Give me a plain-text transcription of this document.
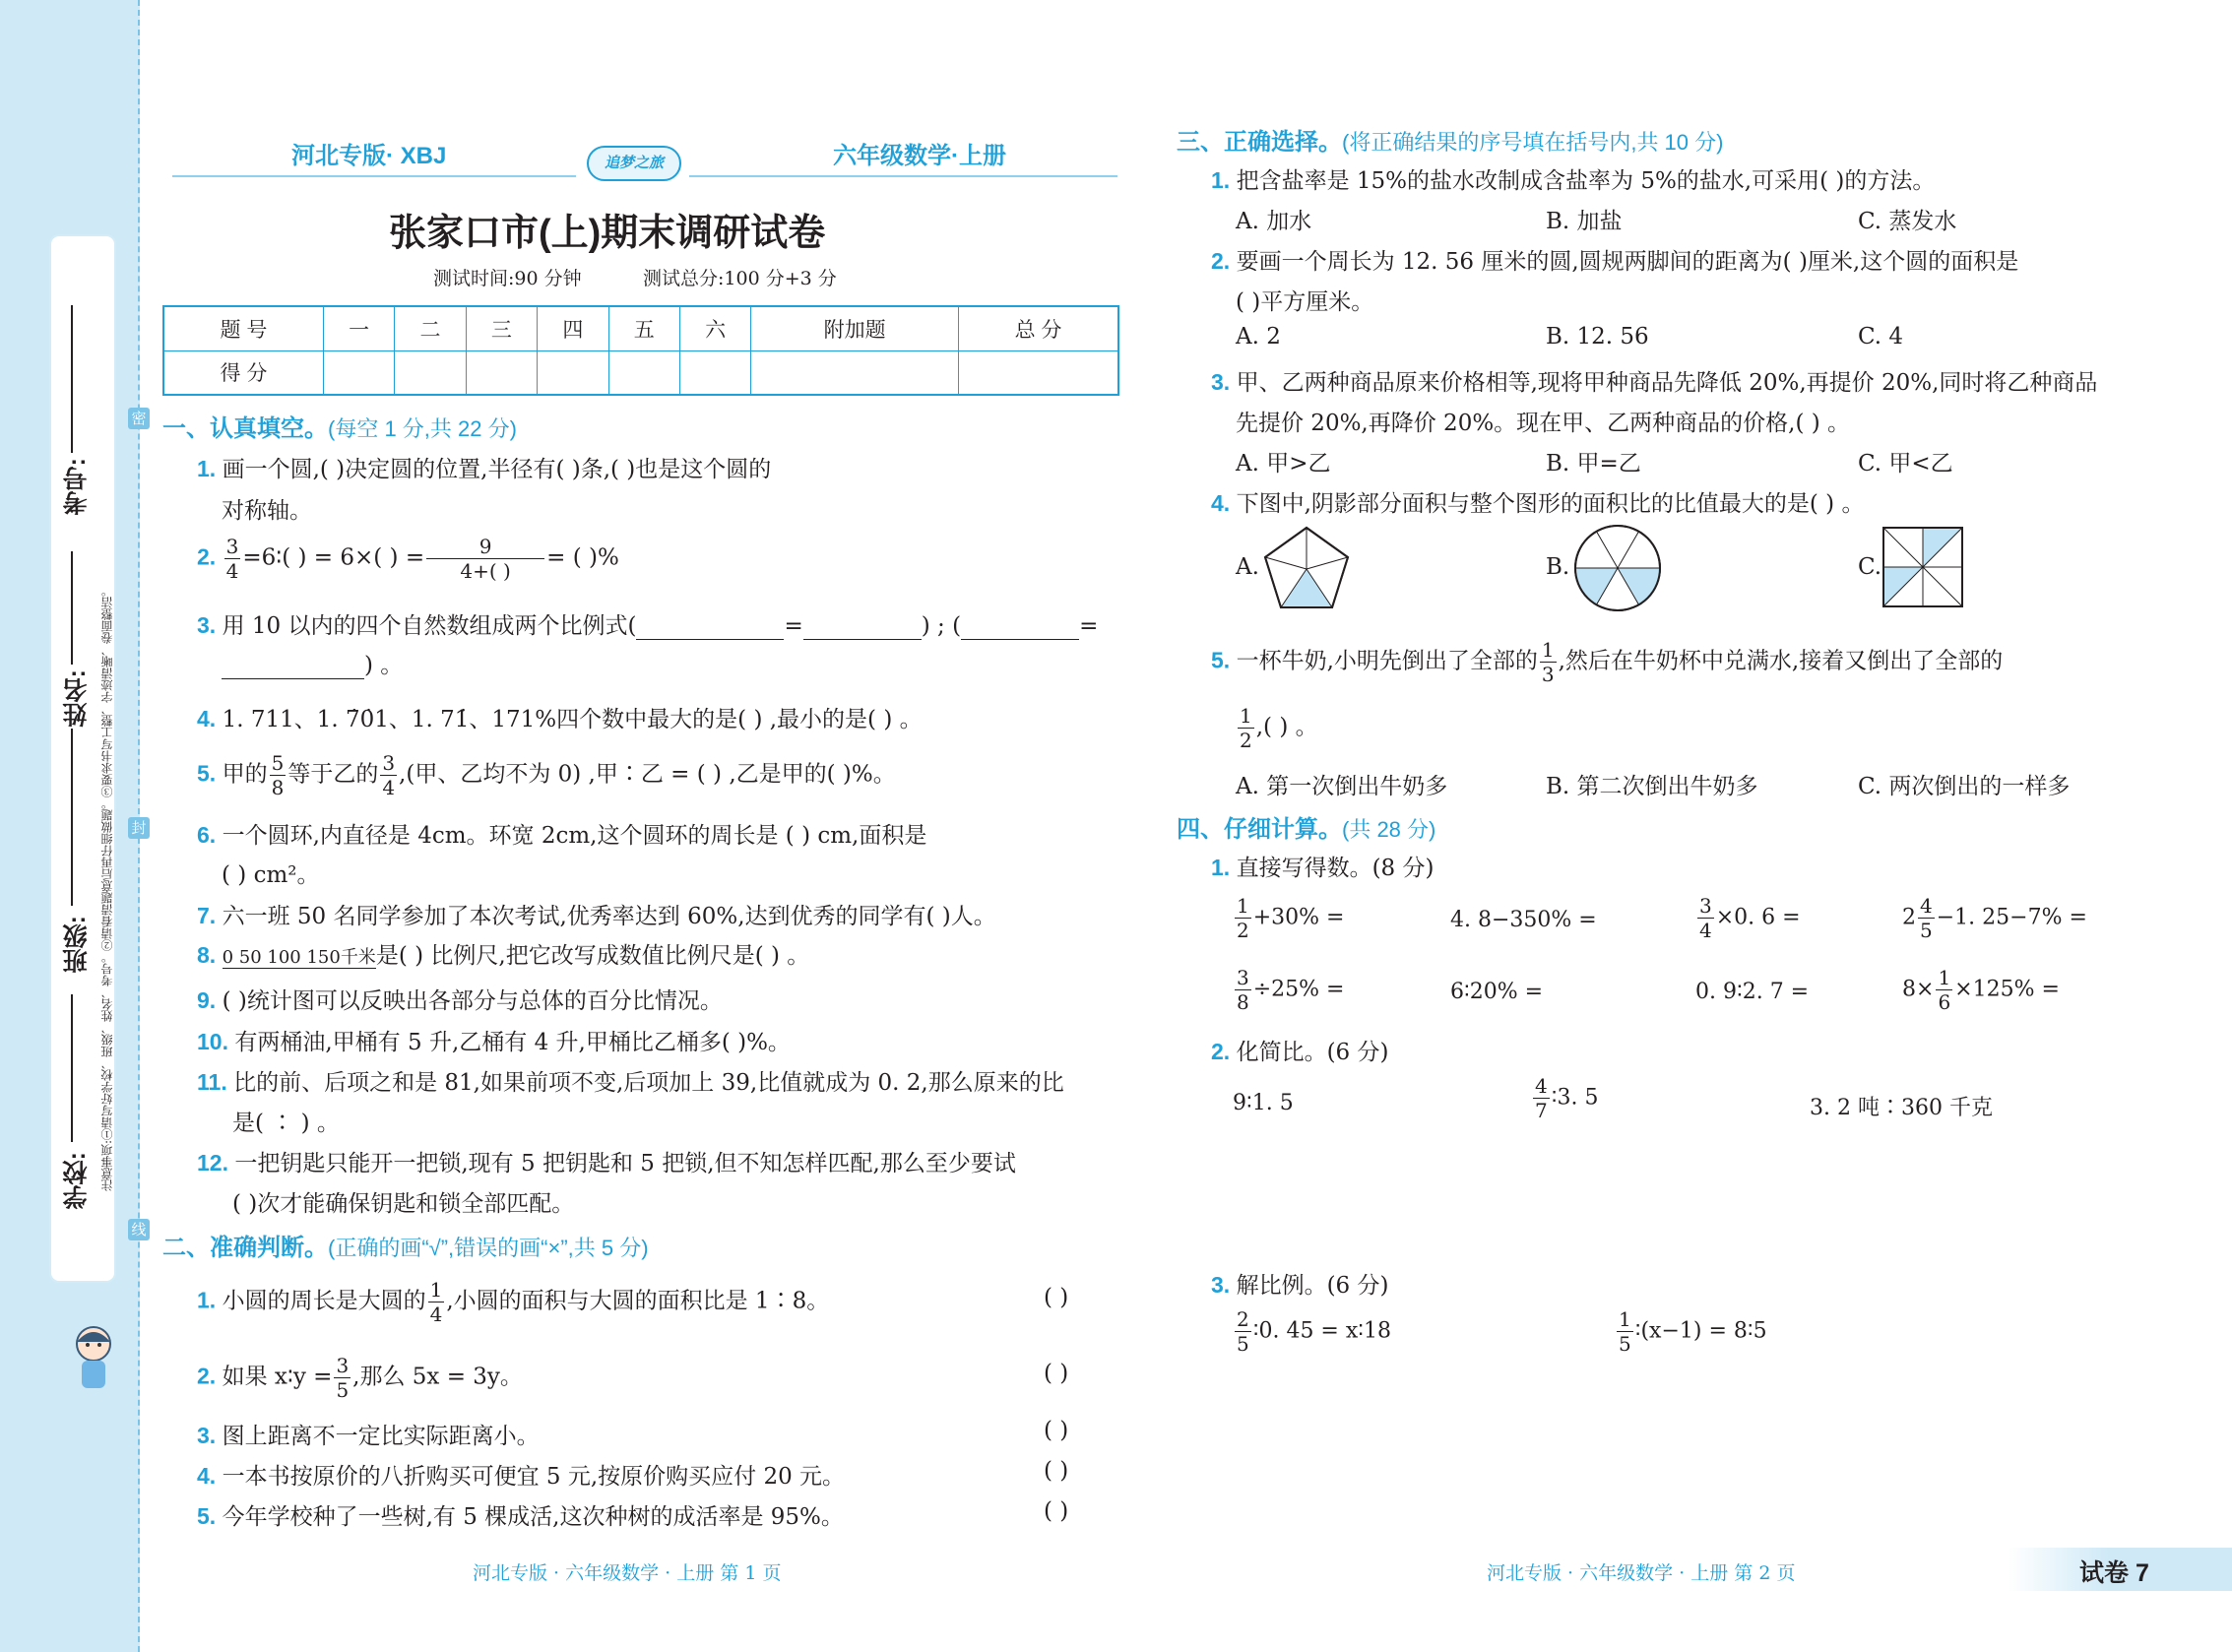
学校:
班级:
姓名:
考号:
注意事项:①请写好学校、班级、姓名、考号。②请看清题意后再仔细做题。③要求书写工整、字迹清晰、卷面整洁。
密
封
线
河北专版· XBJ	追梦之旅	六年级数学·上册
张家口市(上)期末调研试卷
测试时间:90 分钟	测试总分:100 分+3 分
题 号	一	二	三	四	五	六	附加题	总 分
得 分								
一、认真填空。(每空 1 分,共 22 分)
1. 画一个圆,( )决定圆的位置,半径有( )条,( )也是这个圆的
对称轴。
2. $\frac{3}{4}$ =6∶( ) = 6×( ) = $\frac{9}{4+( )}$ = ( )%
3. 用 10 以内的四个自然数组成两个比例式(	=	) ; (	=
) 。
4. 1. 711、1. 7̇0̇1、1. 71̇、171%四个数中最大的是( ) ,最小的是( ) 。
5. 甲的 $\frac{5}{8}$ 等于乙的 $\frac{3}{4}$ ,(甲、乙均不为 0) ,甲∶乙 = ( ) ,乙是甲的( )%。
6. 一个圆环,内直径是 4cm。环宽 2cm,这个圆环的周长是 ( ) cm,面积是
( ) cm²。
7. 六一班 50 名同学参加了本次考试,优秀率达到 60%,达到优秀的同学有( )人。
8. 0 50 100 150千米是( ) 比例尺,把它改写成数值比例尺是( ) 。
9. ( )统计图可以反映出各部分与总体的百分比情况。
10. 有两桶油,甲桶有 5 升,乙桶有 4 升,甲桶比乙桶多( )%。
11. 比的前、后项之和是 81,如果前项不变,后项加上 39,比值就成为 0. 2,那么原来的比
是( ∶ ) 。
12. 一把钥匙只能开一把锁,现有 5 把钥匙和 5 把锁,但不知怎样匹配,那么至少要试
( )次才能确保钥匙和锁全部匹配。
二、准确判断。(正确的画“√”,错误的画“×”,共 5 分)
1. 小圆的周长是大圆的 $\frac{1}{4}$ ,小圆的面积与大圆的面积比是 1∶8。
2. 如果 x∶y = $\frac{3}{5}$ ,那么 5x = 3y。
3. 图上距离不一定比实际距离小。
4. 一本书按原价的八折购买可便宜 5 元,按原价购买应付 20 元。
5. 今年学校种了一些树,有 5 棵成活,这次种树的成活率是 95%。
( )
( )
( )
( )
( )
三、正确选择。(将正确结果的序号填在括号内,共 10 分)
1. 把含盐率是 15%的盐水改制成含盐率为 5%的盐水,可采用( )的方法。
A. 加水	B. 加盐	C. 蒸发水
2. 要画一个周长为 12. 56 厘米的圆,圆规两脚间的距离为( )厘米,这个圆的面积是
( )平方厘米。
A. 2	B. 12. 56	C. 4
3. 甲、乙两种商品原来价格相等,现将甲种商品先降低 20%,再提价 20%,同时将乙种商品
先提价 20%,再降价 20%。现在甲、乙两种商品的价格,( ) 。
A. 甲>乙	B. 甲=乙	C. 甲<乙
4. 下图中,阴影部分面积与整个图形的面积比的比值最大的是( ) 。
A.	B.	C.
5. 一杯牛奶,小明先倒出了全部的 $\frac{1}{3}$ ,然后在牛奶杯中兑满水,接着又倒出了全部的
$\frac{1}{2}$ ,( ) 。
A. 第一次倒出牛奶多	B. 第二次倒出牛奶多	C. 两次倒出的一样多
四、仔细计算。(共 28 分)
1. 直接写得数。(8 分)
$\frac{1}{2} +30\%$ =	4. 8−350% =	$\frac{3}{4} \times 0$. 6 =	$2 \frac{4}{5} -1$. 25−7% =
$\frac{3}{8} \div 25\%$ =	6∶20% =	0. 9∶2. 7 =	$8\times \frac{1}{6} \times 125\%$ =
2. 化简比。(6 分)
9∶1. 5	$\frac{4}{7}$ ∶3. 5	3. 2 吨∶360 千克
3. 解比例。(6 分)
$\frac{2}{5}$ ∶0. 45 = x∶18	$\frac{1}{5}$ ∶(x−1) = 8∶5
河北专版 · 六年级数学 · 上册 第 1 页	河北专版 · 六年级数学 · 上册 第 2 页	试卷 7
